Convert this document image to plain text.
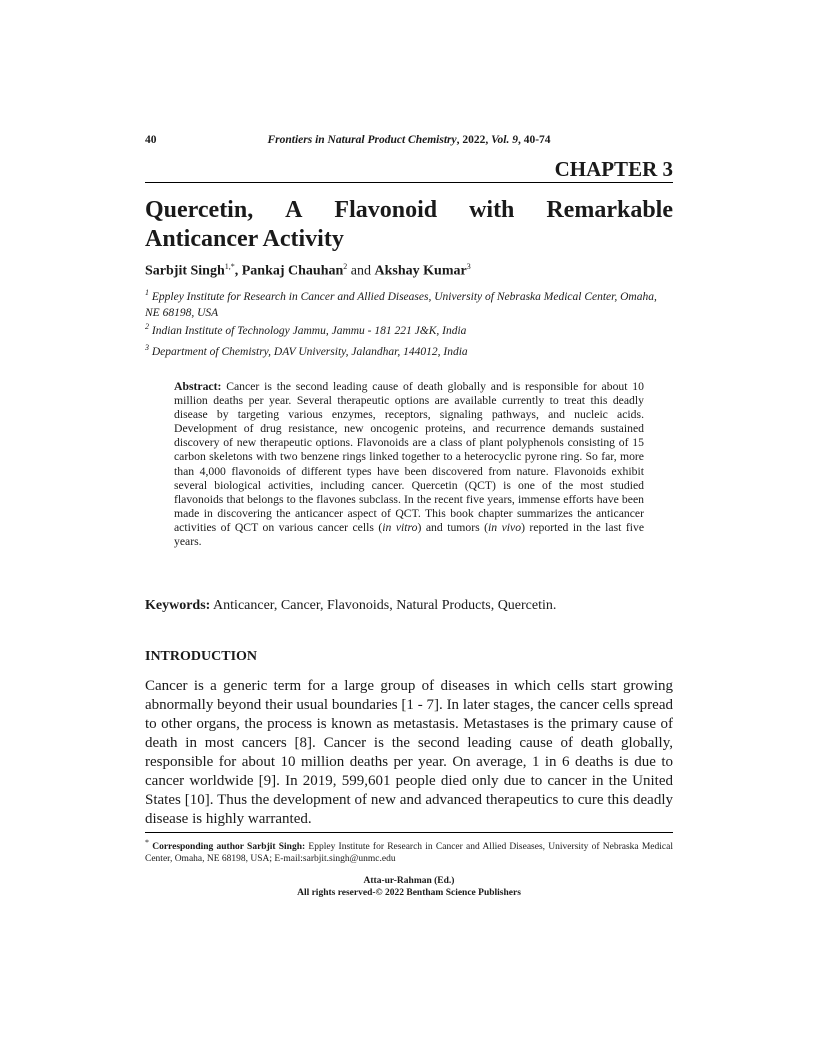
40	Frontiers in Natural Product Chemistry, 2022, Vol. 9, 40-74
CHAPTER 3
Quercetin, A Flavonoid with Remarkable
Anticancer Activity
Sarbjit Singh$^{1,*}$, Pankaj Chauhan$^2$ and Akshay Kumar$^3$
$^1$ Eppley Institute for Research in Cancer and Allied Diseases, University of Nebraska Medical Center, Omaha, NE 68198, USA
$^2$ Indian Institute of Technology Jammu, Jammu - 181 221 J&K, India
$^3$ Department of Chemistry, DAV University, Jalandhar, 144012, India
Abstract: Cancer is the second leading cause of death globally and is responsible for about 10 million deaths per year. Several therapeutic options are available currently to treat this deadly disease by targeting various enzymes, receptors, signaling pathways, and nucleic acids. Development of drug resistance, new oncogenic proteins, and recurrence demands sustained discovery of new therapeutic options. Flavonoids are a class of plant polyphenols consisting of 15 carbon skeletons with two benzene rings linked together to a heterocyclic pyrone ring. So far, more than 4,000 flavonoids of different types have been discovered from nature. Flavonoids exhibit several biological activities, including cancer. Quercetin (QCT) is one of the most studied flavonoids that belongs to the flavones subclass. In the recent five years, immense efforts have been made in discovering the anticancer aspect of QCT. This book chapter summarizes the anticancer activities of QCT on various cancer cells (in vitro) and tumors (in vivo) reported in the last five years.
Keywords: Anticancer, Cancer, Flavonoids, Natural Products, Quercetin.
INTRODUCTION
Cancer is a generic term for a large group of diseases in which cells start growing abnormally beyond their usual boundaries [1 - 7]. In later stages, the cancer cells spread to other organs, the process is known as metastasis. Metastases is the primary cause of death in most cancers [8]. Cancer is the second leading cause of death globally, responsible for about 10 million deaths per year. On average, 1 in 6 deaths is due to cancer worldwide [9]. In 2019, 599,601 people died only due to cancer in the United States [10]. Thus the development of new and advanced therapeutics to cure this deadly disease is highly warranted.
* Corresponding author Sarbjit Singh: Eppley Institute for Research in Cancer and Allied Diseases, University of Nebraska Medical Center, Omaha, NE 68198, USA; E-mail:sarbjit.singh@unmc.edu
Atta-ur-Rahman (Ed.)
All rights reserved-© 2022 Bentham Science Publishers
